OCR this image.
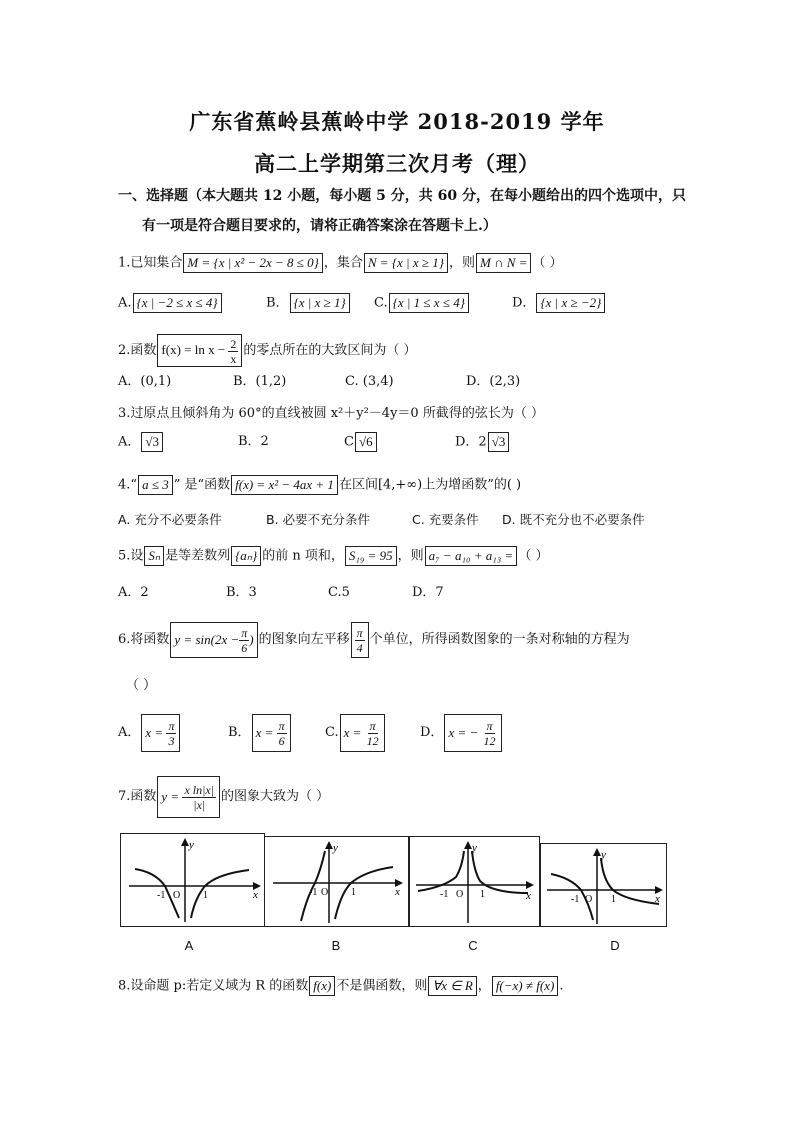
广东省蕉岭县蕉岭中学 2018-2019 学年
高二上学期第三次月考（理）
一、选择题（本大题共 12 小题，每小题 5 分，共 60 分，在每小题给出的四个选项中，只
有一项是符合题目要求的，请将正确答案涂在答题卡上.）
1.已知集合 M = {x | x² − 2x − 8 ≤ 0} ，集合 N = {x | x ≥ 1} ，则 M ∩ N = （ ）
A. {x | −2 ≤ x ≤ 4}	B． {x | x ≥ 1}	C. {x | 1 ≤ x ≤ 4}	D． {x | x ≥ −2}
2.函数 $f(x) = \ln x - \frac{2}{x}$ 的零点所在的大致区间为（ ）
A．(0,1)	B．(1,2)	C. (3,4)	D．(2,3)
3.过原点且倾斜角为 60°的直线被圆 x²＋y²－4y＝0 所截得的弦长为（ ）
A． √3	B．2	C √6	D．2 √3
4.“ a ≤ 3 ” 是“函数 f(x) = x² − 4ax + 1 在区间[4,+∞)上为增函数”的( )
A. 充分不必要条件	B. 必要不充分条件	C. 充要条件 D. 既不充分也不必要条件
5.设 Sₙ 是等差数列 {aₙ} 的前 n 项和， S₁₉ = 95 ，则 a₇ − a₁₀ + a₁₃ = （ ）
A．2	B．3	C.5	D．7
6.将函数 $y = \sin(2x - \frac{\pi}{6}$ ) 的图象向左平移 $\frac{\pi}{4}$ 个单位，所得函数图象的一条对称轴的方程为
（ ）
A． $x = \frac{\pi}{3}$	B． $x = \frac{\pi}{6}$	C. $x = \frac{\pi}{12}$	D． x = − $\frac{\pi}{12}$
7.函数 $y = \frac{\text{x ln|x|}}{|x|}$ 的图象大致为（ ）
y
x
-1 O 1
y
x
-1 O 1
y
x
-1 O 1
y
x
-1 O 1
A	B	C	D
8.设命题 p:若定义域为 R 的函数 f(x) 不是偶函数，则 ∀x ∈ R ， f(−x) ≠ f(x) .
